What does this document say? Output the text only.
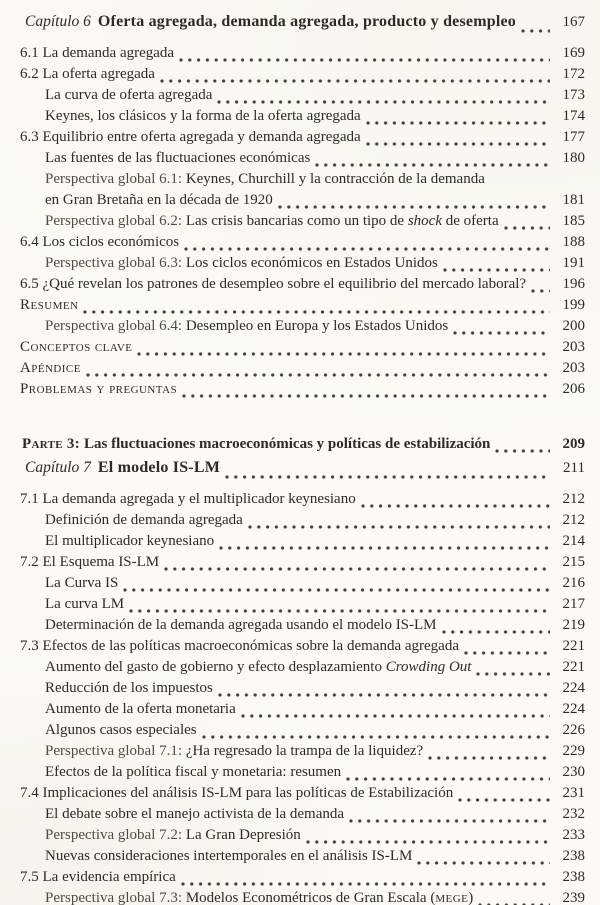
Capítulo 6 Oferta agregada, demanda agregada, producto y desempleo	167
6.1 La demanda agregada	169
6.2 La oferta agregada	172
La curva de oferta agregada	173
Keynes, los clásicos y la forma de la oferta agregada	174
6.3 Equilibrio entre oferta agregada y demanda agregada	177
Las fuentes de las fluctuaciones económicas	180
Perspectiva global 6.1: Keynes, Churchill y la contracción de la demanda
en Gran Bretaña en la década de 1920	181
Perspectiva global 6.2: Las crisis bancarias como un tipo de shock de oferta	185
6.4 Los ciclos económicos	188
Perspectiva global 6.3: Los ciclos económicos en Estados Unidos	191
6.5 ¿Qué revelan los patrones de desempleo sobre el equilibrio del mercado laboral?	196
Resumen	199
Perspectiva global 6.4: Desempleo en Europa y los Estados Unidos	200
Conceptos clave	203
Apéndice	203
Problemas y preguntas	206
Parte 3: Las fluctuaciones macroeconómicas y políticas de estabilización	209
Capítulo 7 El modelo IS-LM	211
7.1 La demanda agregada y el multiplicador keynesiano	212
Definición de demanda agregada	212
El multiplicador keynesiano	214
7.2 El Esquema IS-LM	215
La Curva IS	216
La curva LM	217
Determinación de la demanda agregada usando el modelo IS-LM	219
7.3 Efectos de las políticas macroeconómicas sobre la demanda agregada	221
Aumento del gasto de gobierno y efecto desplazamiento Crowding Out	221
Reducción de los impuestos	224
Aumento de la oferta monetaria	224
Algunos casos especiales	226
Perspectiva global 7.1: ¿Ha regresado la trampa de la liquidez?	229
Efectos de la política fiscal y monetaria: resumen	230
7.4 Implicaciones del análisis IS-LM para las políticas de Estabilización	231
El debate sobre el manejo activista de la demanda	232
Perspectiva global 7.2: La Gran Depresión	233
Nuevas consideraciones intertemporales en el análisis IS-LM	238
7.5 La evidencia empírica	238
Perspectiva global 7.3: Modelos Econométricos de Gran Escala (mege)	239
